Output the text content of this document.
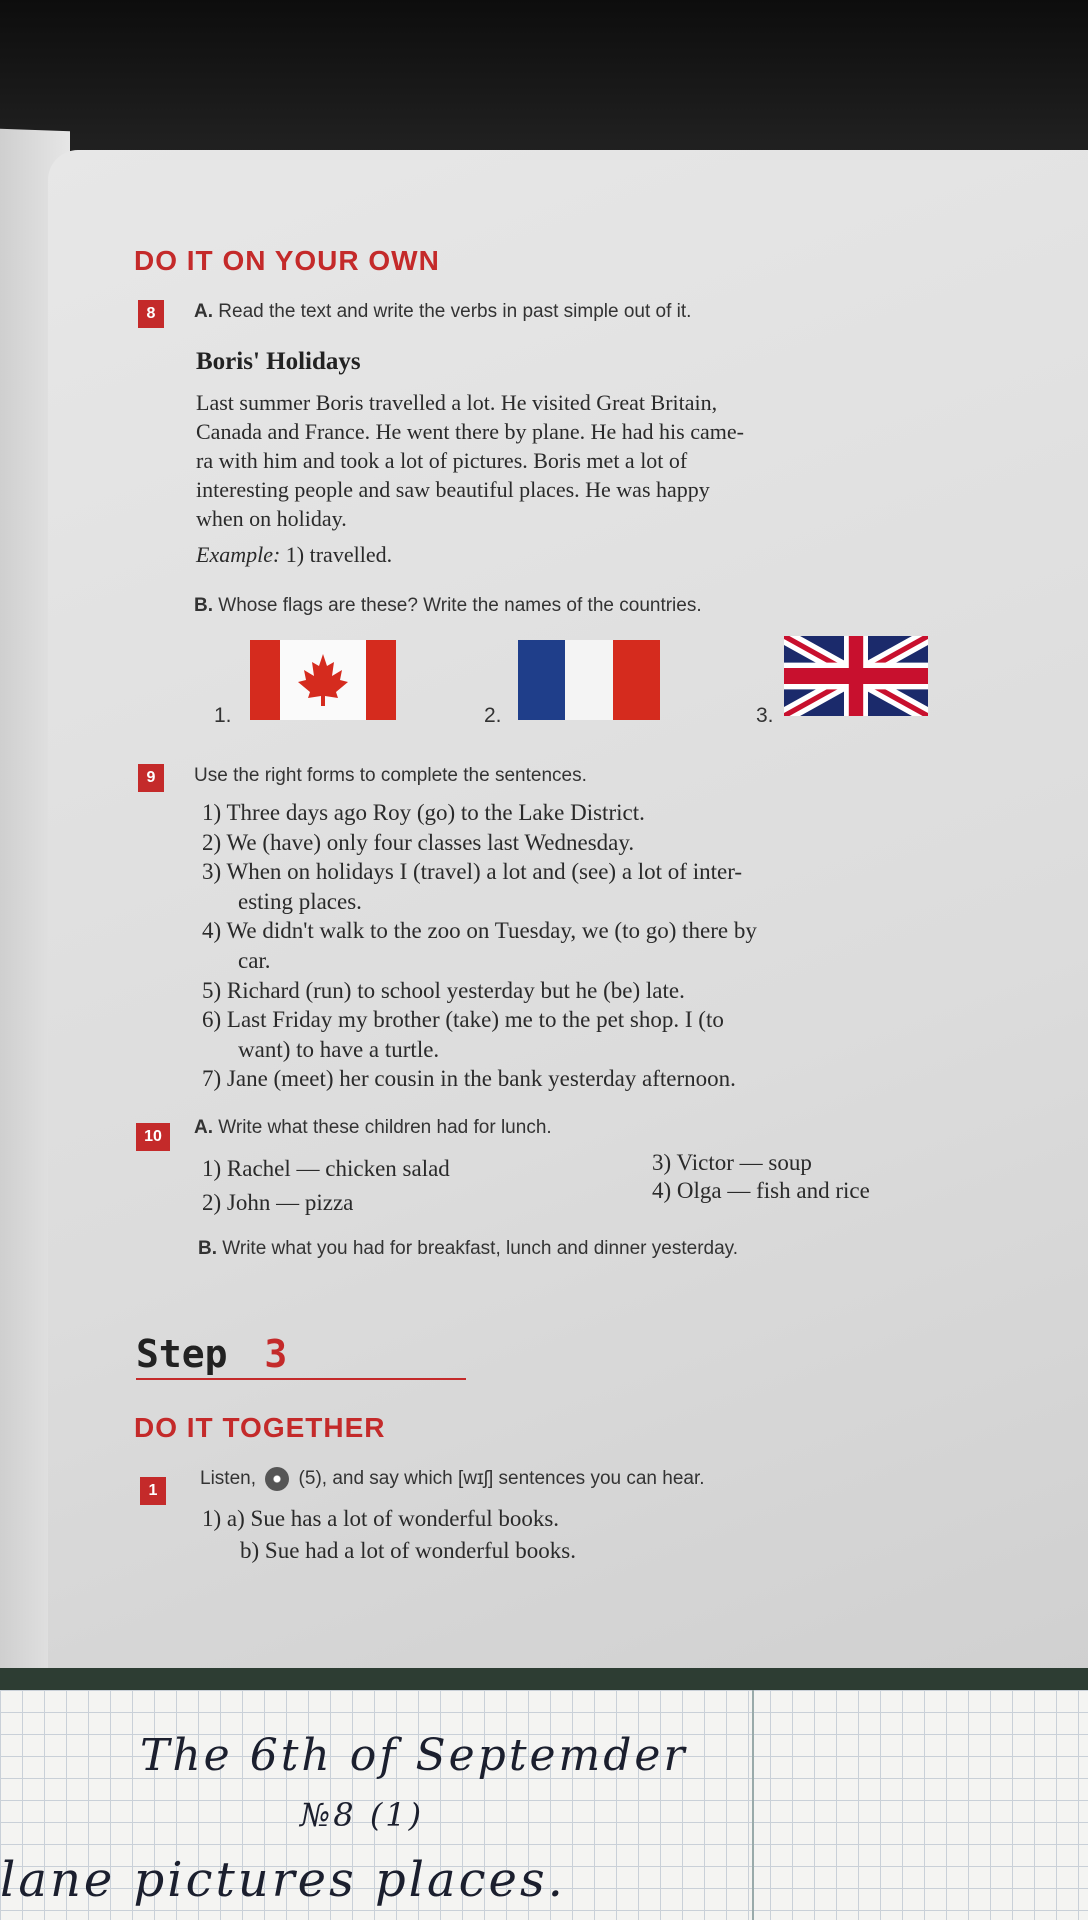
DO IT ON YOUR OWN
8	A. Read the text and write the verbs in past simple out of it.
Boris' Holidays
Last summer Boris travelled a lot. He visited Great Britain,
Canada and France. He went there by plane. He had his came-
ra with him and took a lot of pictures. Boris met a lot of
interesting people and saw beautiful places. He was happy
when on holiday.
Example: 1) travelled.
B. Whose flags are these? Write the names of the countries.
1.	2.	3.
9	Use the right forms to complete the sentences.
1) Three days ago Roy (go) to the Lake District.
2) We (have) only four classes last Wednesday.
3) When on holidays I (travel) a lot and (see) a lot of inter-
esting places.
4) We didn't walk to the zoo on Tuesday, we (to go) there by
car.
5) Richard (run) to school yesterday but he (be) late.
6) Last Friday my brother (take) me to the pet shop. I (to
want) to have a turtle.
7) Jane (meet) her cousin in the bank yesterday afternoon.
10	A. Write what these children had for lunch.
1) Rachel — chicken salad
2) John — pizza
3) Victor — soup
4) Olga — fish and rice
B. Write what you had for breakfast, lunch and dinner yesterday.
Step 3
DO IT TOGETHER
1
Listen, (5), and say which [wɪʃ] sentences you can hear.
1) a) Sue has a lot of wonderful books.
b) Sue had a lot of wonderful books.
The 6th of Septemder
№8 (1)
lane pictures places.
